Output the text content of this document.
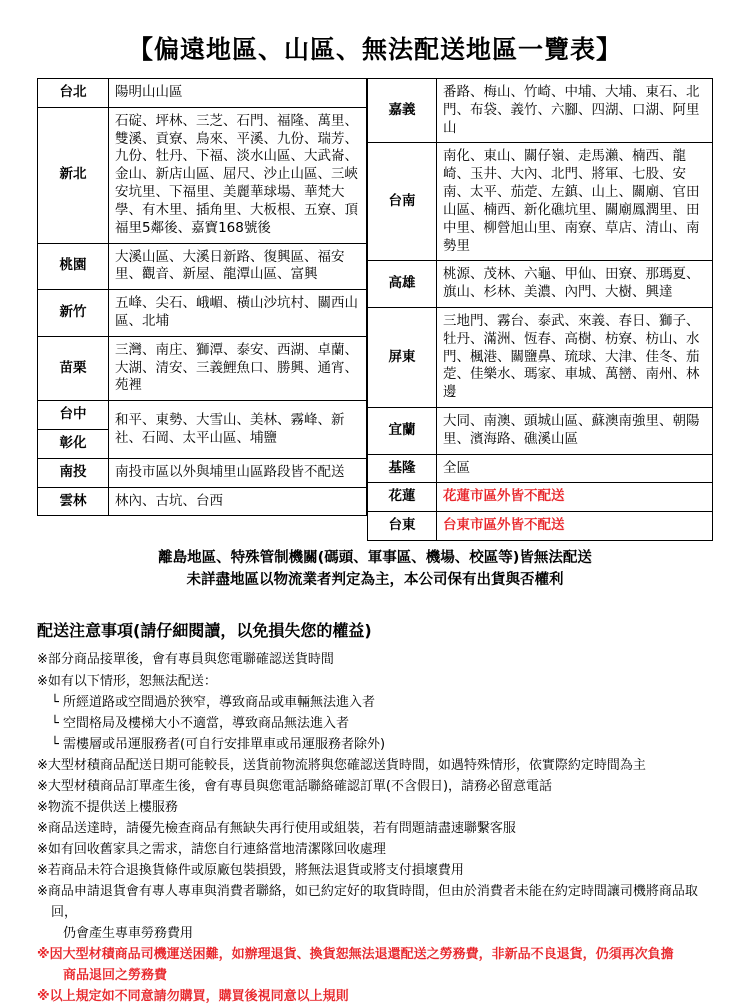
【偏遠地區、山區、無法配送地區一覽表】
台北	陽明山山區
新北	石碇、坪林、三芝、石門、福隆、萬里、雙溪、貢寮、鳥來、平溪、九份、瑞芳、九份、牡丹、下福、淡水山區、大武崙、金山、新店山區、屈尺、沙止山區、三峽安坑里、下福里、美麗華球場、華梵大學、有木里、插角里、大板根、五寮、頂福里5鄰後、嘉寶168號後
桃園	大溪山區、大溪日新路、復興區、福安里、觀音、新屋、龍潭山區、富興
新竹	五峰、尖石、峨嵋、橫山沙坑村、關西山區、北埔
苗栗	三灣、南庄、獅潭、泰安、西湖、卓蘭、大湖、清安、三義鯉魚口、勝興、通宵、苑裡
台中	和平、東勢、大雪山、美林、霧峰、新社、石岡、太平山區、埔鹽
彰化	
南投	南投市區以外與埔里山區路段皆不配送
雲林	林內、古坑、台西
嘉義	番路、梅山、竹崎、中埔、大埔、東石、北門、布袋、義竹、六腳、四湖、口湖、阿里山
台南	南化、東山、關仔嶺、走馬瀨、楠西、龍崎、玉井、大內、北門、將軍、七股、安南、太平、茄萣、左鎮、山上、關廟、官田山區、楠西、新化礁坑里、關廟鳳潤里、田中里、柳營旭山里、南寮、草店、清山、南勢里
高雄	桃源、茂林、六龜、甲仙、田寮、那瑪夏、旗山、杉林、美濃、內門、大樹、興達
屏東	三地門、霧台、泰武、來義、春日、獅子、牡丹、滿洲、恆春、高樹、枋寮、枋山、水門、楓港、關鹽鼻、琉球、大津、佳冬、茄萣、佳樂水、瑪家、車城、萬巒、南州、林邊
宜蘭	大同、南澳、頭城山區、蘇澳南強里、朝陽里、濱海路、礁溪山區
基隆	全區
花蓮	花蓮市區外皆不配送
台東	台東市區外皆不配送
離島地區、特殊管制機關(碼頭、軍事區、機場、校區等)皆無法配送
未詳盡地區以物流業者判定為主，本公司保有出貨與否權利
配送注意事項(請仔細閱讀，以免損失您的權益)

※部分商品接單後，會有專員與您電聯確認送貨時間

※如有以下情形，恕無法配送：

└ 所經道路或空間過於狹窄，導致商品或車輛無法進入者

└ 空間格局及樓梯大小不適當，導致商品無法進入者

└ 需樓層或吊運服務者(可自行安排單車或吊運服務者除外)

※大型材積商品配送日期可能較長，送貨前物流將與您確認送貨時間，如遇特殊情形，依實際約定時間為主

※大型材積商品訂單產生後，會有專員與您電話聯絡確認訂單(不含假日)，請務必留意電話

※物流不提供送上樓服務

※商品送達時，請優先檢查商品有無缺失再行使用或組裝，若有問題請盡速聯繫客服

※如有回收舊家具之需求，請您自行連絡當地清潔隊回收處理

※若商品未符合退換貨條件或原廠包裝損毀，將無法退貨或將支付損壞費用

※商品申請退貨會有專人專車與消費者聯絡，如已約定好的取貨時間，但由於消費者未能在約定時間讓司機將商品取回，

仍會產生專車勞務費用

※因大型材積商品司機運送困難，如辦理退貨、換貨恕無法退還配送之勞務費，非新品不良退貨，仍須再次負擔

商品退回之勞務費

※以上規定如不同意請勿購買，購買後視同意以上規則
